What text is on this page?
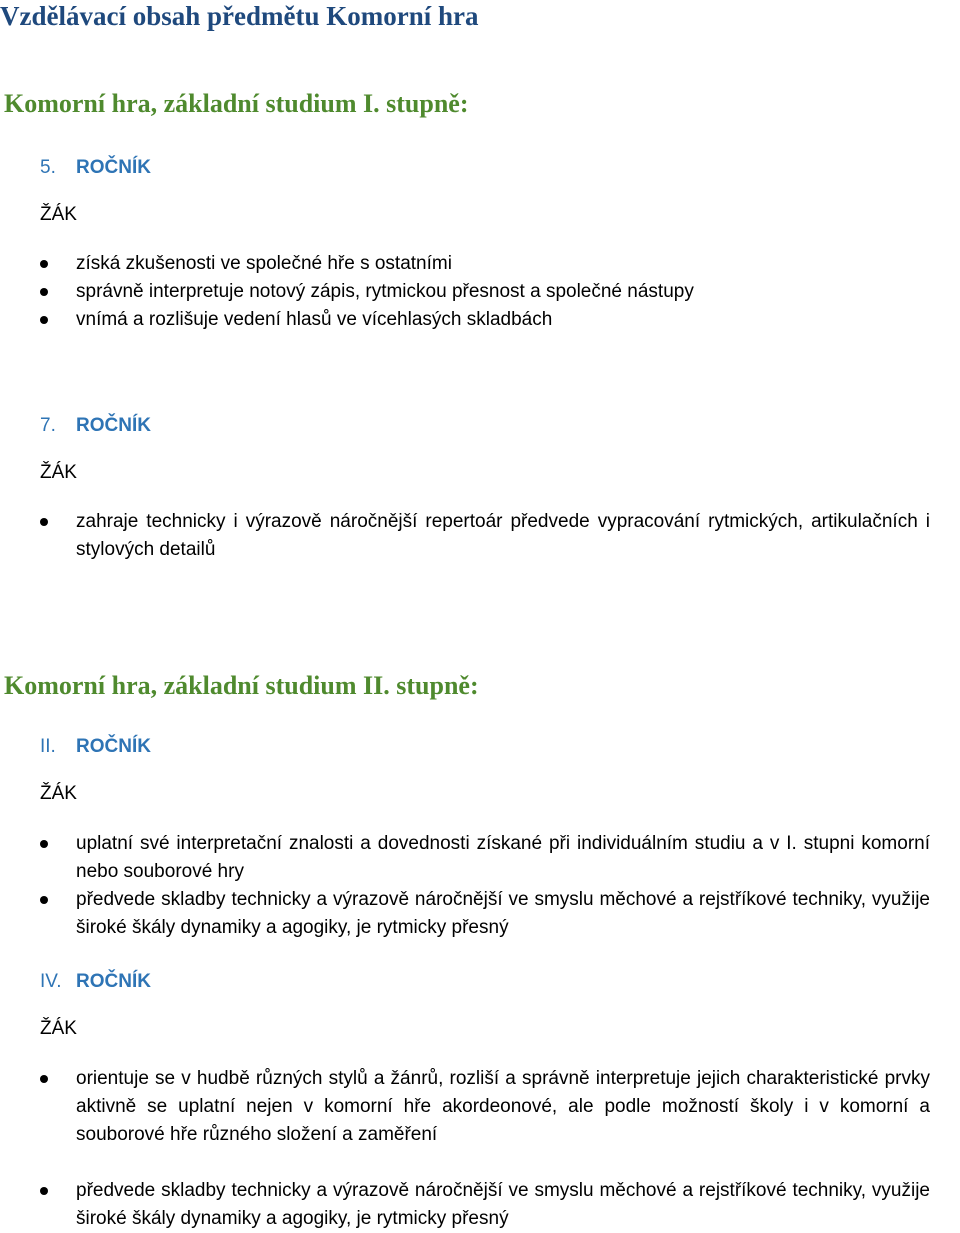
Vzdělávací obsah předmětu Komorní hra
Komorní hra, základní studium I. stupně:
5. ROČNÍK
ŽÁK
získá zkušenosti ve společné hře s ostatními
správně interpretuje notový zápis, rytmickou přesnost a společné nástupy
vnímá a rozlišuje vedení hlasů ve vícehlasých skladbách
7. ROČNÍK
ŽÁK
zahraje technicky i výrazově náročnější repertoár předvede vypracování rytmických, artikulačních i stylových detailů
Komorní hra, základní studium II. stupně:
II. ROČNÍK
ŽÁK
uplatní své interpretační znalosti a dovednosti získané při individuálním studiu a v I. stupni komorní nebo souborové hry
předvede skladby technicky a výrazově náročnější ve smyslu měchové a rejstříkové techniky, využije široké škály dynamiky a agogiky, je rytmicky přesný
IV. ROČNÍK
ŽÁK
orientuje se v hudbě různých stylů a žánrů, rozliší a správně interpretuje jejich charakteristické prvky aktivně se uplatní nejen v komorní hře akordeonové, ale podle možností školy i v komorní a souborové hře různého složení a zaměření
předvede skladby technicky a výrazově náročnější ve smyslu měchové a rejstříkové techniky, využije široké škály dynamiky a agogiky, je rytmicky přesný
